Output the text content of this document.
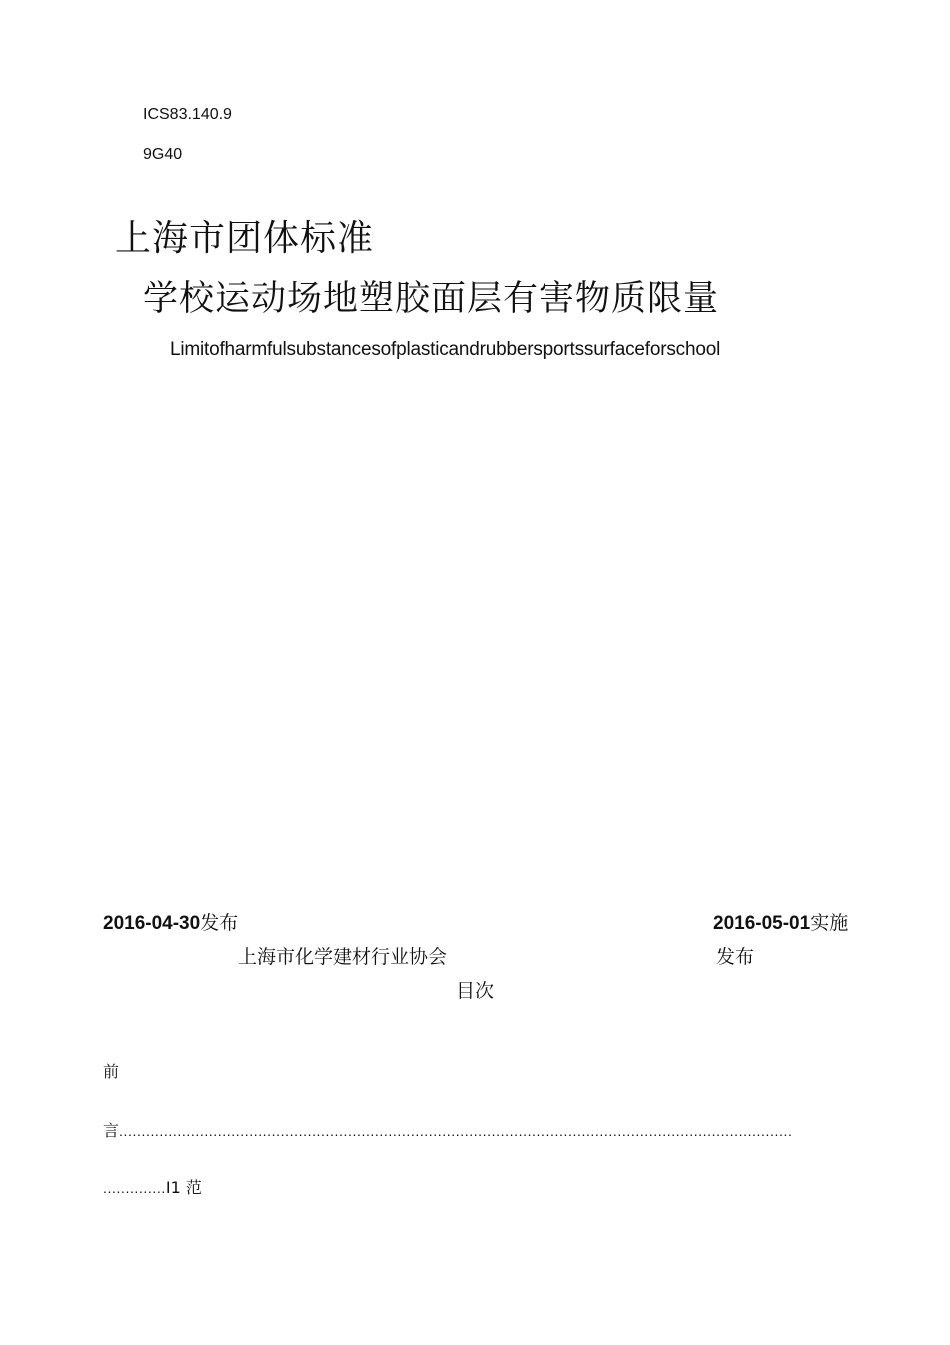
ICS83.140.9
9G40
上海市团体标准
学校运动场地塑胶面层有害物质限量
Limitofharmfulsubstancesofplasticandrubbersportssurfaceforschool
2016-04-30发布	2016-05-01实施
上海市化学建材行业协会	发布
目次
前
言......................................................................................................................................................
..............I1 范
